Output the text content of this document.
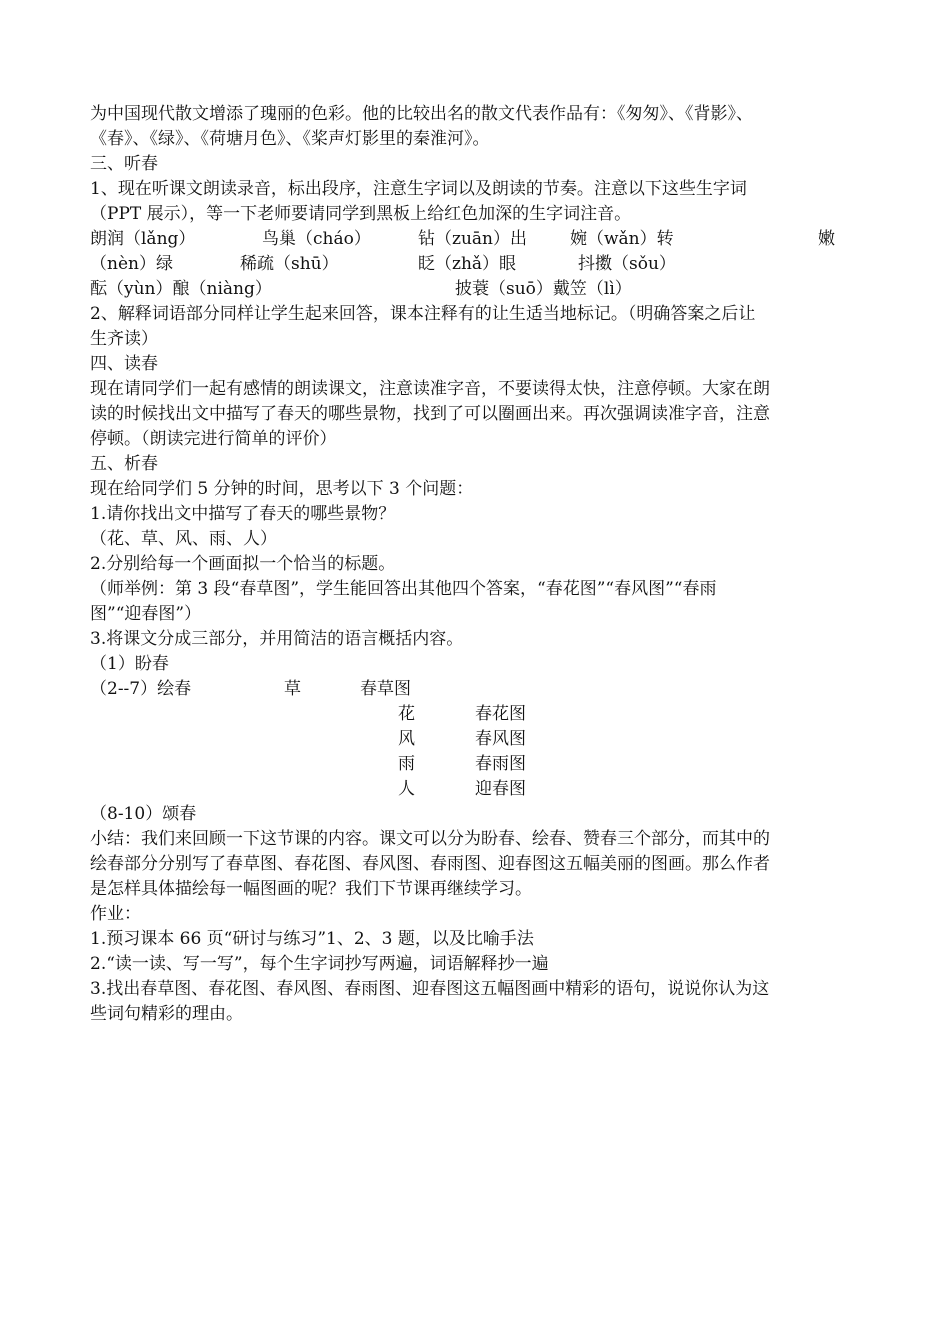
为中国现代散文增添了瑰丽的色彩。他的比较出名的散文代表作品有：《匆匆》、《背影》、
《春》、《绿》、《荷塘月色》、《桨声灯影里的秦淮河》。
三、听春
1、现在听课文朗读录音，标出段序，注意生字词以及朗读的节奏。注意以下这些生字词
（PPT 展示），等一下老师要请同学到黑板上给红色加深的生字词注音。
朗润（lǎng）	鸟巢（cháo）	钻（zuān）出	婉（wǎn）转	嫩
（nèn）绿	稀疏（shū）	眨（zhǎ）眼	抖擞（sǒu）
酝（yùn）酿（niàng）	披蓑（suō）戴笠（lì）
2、解释词语部分同样让学生起来回答，课本注释有的让生适当地标记。（明确答案之后让
生齐读）
四、读春
现在请同学们一起有感情的朗读课文，注意读准字音，不要读得太快，注意停顿。大家在朗
读的时候找出文中描写了春天的哪些景物，找到了可以圈画出来。再次强调读准字音，注意
停顿。（朗读完进行简单的评价）
五、析春
现在给同学们 5 分钟的时间，思考以下 3 个问题：
1.请你找出文中描写了春天的哪些景物？
（花、草、风、雨、人）
2.分别给每一个画面拟一个恰当的标题。
（师举例：第 3 段“春草图”，学生能回答出其他四个答案，“春花图”“春风图”“春雨
图”“迎春图”）
3.将课文分成三部分，并用简洁的语言概括内容。
（1）盼春
（2--7）绘春	草	春草图
花	春花图
风	春风图
雨	春雨图
人	迎春图
（8-10）颂春
小结：我们来回顾一下这节课的内容。课文可以分为盼春、绘春、赞春三个部分，而其中的
绘春部分分别写了春草图、春花图、春风图、春雨图、迎春图这五幅美丽的图画。那么作者
是怎样具体描绘每一幅图画的呢？我们下节课再继续学习。
作业：
1.预习课本 66 页“研讨与练习”1、2、3 题，以及比喻手法
2.“读一读、写一写”，每个生字词抄写两遍，词语解释抄一遍
3.找出春草图、春花图、春风图、春雨图、迎春图这五幅图画中精彩的语句，说说你认为这
些词句精彩的理由。
